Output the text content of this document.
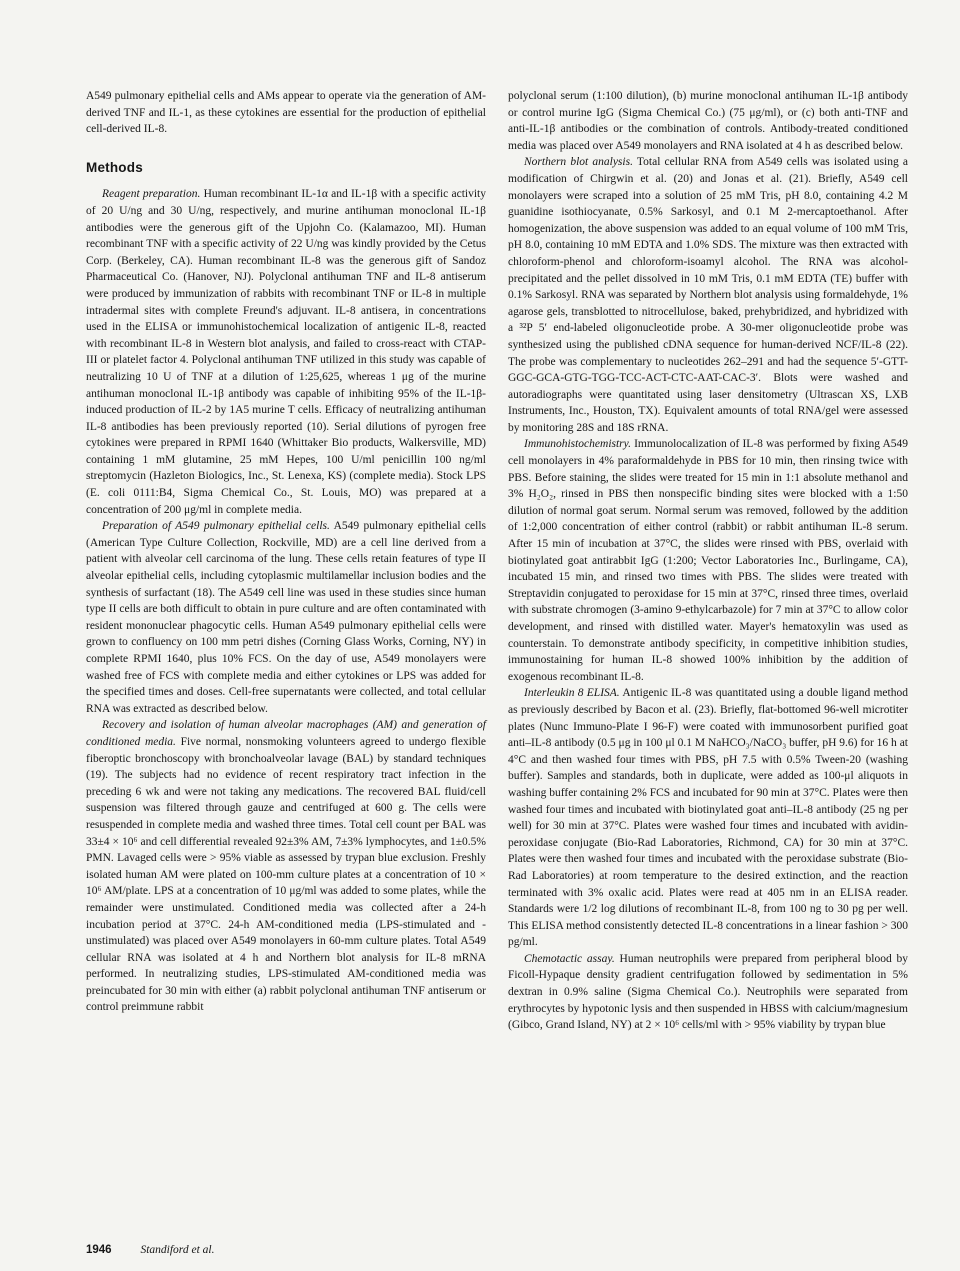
A549 pulmonary epithelial cells and AMs appear to operate via the generation of AM-derived TNF and IL-1, as these cytokines are essential for the production of epithelial cell-derived IL-8.

Methods

Reagent preparation. Human recombinant IL-1α and IL-1β with a specific activity of 20 U/ng and 30 U/ng, respectively, and murine antihuman monoclonal IL-1β antibodies were the generous gift of the Upjohn Co. (Kalamazoo, MI). Human recombinant TNF with a specific activity of 22 U/ng was kindly provided by the Cetus Corp. (Berkeley, CA). Human recombinant IL-8 was the generous gift of Sandoz Pharmaceutical Co. (Hanover, NJ). Polyclonal antihuman TNF and IL-8 antiserum were produced by immunization of rabbits with recombinant TNF or IL-8 in multiple intradermal sites with complete Freund's adjuvant. IL-8 antisera, in concentrations used in the ELISA or immunohistochemical localization of antigenic IL-8, reacted with recombinant IL-8 in Western blot analysis, and failed to cross-react with CTAP-III or platelet factor 4. Polyclonal antihuman TNF utilized in this study was capable of neutralizing 10 U of TNF at a dilution of 1:25,625, whereas 1 μg of the murine antihuman monoclonal IL-1β antibody was capable of inhibiting 95% of the IL-1β-induced production of IL-2 by 1A5 murine T cells. Efficacy of neutralizing antihuman IL-8 antibodies has been previously reported (10). Serial dilutions of pyrogen free cytokines were prepared in RPMI 1640 (Whittaker Bio products, Walkersville, MD) containing 1 mM glutamine, 25 mM Hepes, 100 U/ml penicillin 100 ng/ml streptomycin (Hazleton Biologics, Inc., St. Lenexa, KS) (complete media). Stock LPS (E. coli 0111:B4, Sigma Chemical Co., St. Louis, MO) was prepared at a concentration of 200 μg/ml in complete media.

Preparation of A549 pulmonary epithelial cells. A549 pulmonary epithelial cells (American Type Culture Collection, Rockville, MD) are a cell line derived from a patient with alveolar cell carcinoma of the lung. These cells retain features of type II alveolar epithelial cells, including cytoplasmic multilamellar inclusion bodies and the synthesis of surfactant (18). The A549 cell line was used in these studies since human type II cells are both difficult to obtain in pure culture and are often contaminated with resident mononuclear phagocytic cells. Human A549 pulmonary epithelial cells were grown to confluency on 100 mm petri dishes (Corning Glass Works, Corning, NY) in complete RPMI 1640, plus 10% FCS. On the day of use, A549 monolayers were washed free of FCS with complete media and either cytokines or LPS was added for the specified times and doses. Cell-free supernatants were collected, and total cellular RNA was extracted as described below.

Recovery and isolation of human alveolar macrophages (AM) and generation of conditioned media. Five normal, nonsmoking volunteers agreed to undergo flexible fiberoptic bronchoscopy with bronchoalveolar lavage (BAL) by standard techniques (19). The subjects had no evidence of recent respiratory tract infection in the preceding 6 wk and were not taking any medications. The recovered BAL fluid/cell suspension was filtered through gauze and centrifuged at 600 g. The cells were resuspended in complete media and washed three times. Total cell count per BAL was 33±4 × 10⁶ and cell differential revealed 92±3% AM, 7±3% lymphocytes, and 1±0.5% PMN. Lavaged cells were > 95% viable as assessed by trypan blue exclusion. Freshly isolated human AM were plated on 100-mm culture plates at a concentration of 10 × 10⁶ AM/plate. LPS at a concentration of 10 μg/ml was added to some plates, while the remainder were unstimulated. Conditioned media was collected after a 24-h incubation period at 37°C. 24-h AM-conditioned media (LPS-stimulated and -unstimulated) was placed over A549 monolayers in 60-mm culture plates. Total A549 cellular RNA was isolated at 4 h and Northern blot analysis for IL-8 mRNA performed. In neutralizing studies, LPS-stimulated AM-conditioned media was preincubated for 30 min with either (a) rabbit polyclonal antihuman TNF antiserum or control preimmune rabbit

polyclonal serum (1:100 dilution), (b) murine monoclonal antihuman IL-1β antibody or control murine IgG (Sigma Chemical Co.) (75 μg/ml), or (c) both anti-TNF and anti-IL-1β antibodies or the combination of controls. Antibody-treated conditioned media was placed over A549 monolayers and RNA isolated at 4 h as described below.

Northern blot analysis. Total cellular RNA from A549 cells was isolated using a modification of Chirgwin et al. (20) and Jonas et al. (21). Briefly, A549 cell monolayers were scraped into a solution of 25 mM Tris, pH 8.0, containing 4.2 M guanidine isothiocyanate, 0.5% Sarkosyl, and 0.1 M 2-mercaptoethanol. After homogenization, the above suspension was added to an equal volume of 100 mM Tris, pH 8.0, containing 10 mM EDTA and 1.0% SDS. The mixture was then extracted with chloroform-phenol and chloroform-isoamyl alcohol. The RNA was alcohol-precipitated and the pellet dissolved in 10 mM Tris, 0.1 mM EDTA (TE) buffer with 0.1% Sarkosyl. RNA was separated by Northern blot analysis using formaldehyde, 1% agarose gels, transblotted to nitrocellulose, baked, prehybridized, and hybridized with a ³²P 5′ end-labeled oligonucleotide probe. A 30-mer oligonucleotide probe was synthesized using the published cDNA sequence for human-derived NCF/IL-8 (22). The probe was complementary to nucleotides 262–291 and had the sequence 5′-GTT-GGC-GCA-GTG-TGG-TCC-ACT-CTC-AAT-CAC-3′. Blots were washed and autoradiographs were quantitated using laser densitometry (Ultrascan XS, LXB Instruments, Inc., Houston, TX). Equivalent amounts of total RNA/gel were assessed by monitoring 28S and 18S rRNA.

Immunohistochemistry. Immunolocalization of IL-8 was performed by fixing A549 cell monolayers in 4% paraformaldehyde in PBS for 10 min, then rinsing twice with PBS. Before staining, the slides were treated for 15 min in 1:1 absolute methanol and 3% H₂O₂, rinsed in PBS then nonspecific binding sites were blocked with a 1:50 dilution of normal goat serum. Normal serum was removed, followed by the addition of 1:2,000 concentration of either control (rabbit) or rabbit antihuman IL-8 serum. After 15 min of incubation at 37°C, the slides were rinsed with PBS, overlaid with biotinylated goat antirabbit IgG (1:200; Vector Laboratories Inc., Burlingame, CA), incubated 15 min, and rinsed two times with PBS. The slides were treated with Streptavidin conjugated to peroxidase for 15 min at 37°C, rinsed three times, overlaid with substrate chromogen (3-amino 9-ethylcarbazole) for 7 min at 37°C to allow color development, and rinsed with distilled water. Mayer's hematoxylin was used as counterstain. To demonstrate antibody specificity, in competitive inhibition studies, immunostaining for human IL-8 showed 100% inhibition by the addition of exogenous recombinant IL-8.

Interleukin 8 ELISA. Antigenic IL-8 was quantitated using a double ligand method as previously described by Bacon et al. (23). Briefly, flat-bottomed 96-well microtiter plates (Nunc Immuno-Plate I 96-F) were coated with immunosorbent purified goat anti–IL-8 antibody (0.5 μg in 100 μl 0.1 M NaHCO₃/NaCO₃ buffer, pH 9.6) for 16 h at 4°C and then washed four times with PBS, pH 7.5 with 0.5% Tween-20 (washing buffer). Samples and standards, both in duplicate, were added as 100-μl aliquots in washing buffer containing 2% FCS and incubated for 90 min at 37°C. Plates were then washed four times and incubated with biotinylated goat anti–IL-8 antibody (25 ng per well) for 30 min at 37°C. Plates were washed four times and incubated with avidin-peroxidase conjugate (Bio-Rad Laboratories, Richmond, CA) for 30 min at 37°C. Plates were then washed four times and incubated with the peroxidase substrate (Bio-Rad Laboratories) at room temperature to the desired extinction, and the reaction terminated with 3% oxalic acid. Plates were read at 405 nm in an ELISA reader. Standards were 1/2 log dilutions of recombinant IL-8, from 100 ng to 30 pg per well. This ELISA method consistently detected IL-8 concentrations in a linear fashion > 300 pg/ml.

Chemotactic assay. Human neutrophils were prepared from peripheral blood by Ficoll-Hypaque density gradient centrifugation followed by sedimentation in 5% dextran in 0.9% saline (Sigma Chemical Co.). Neutrophils were separated from erythrocytes by hypotonic lysis and then suspended in HBSS with calcium/magnesium (Gibco, Grand Island, NY) at 2 × 10⁶ cells/ml with > 95% viability by trypan blue

1946	Standiford et al.
